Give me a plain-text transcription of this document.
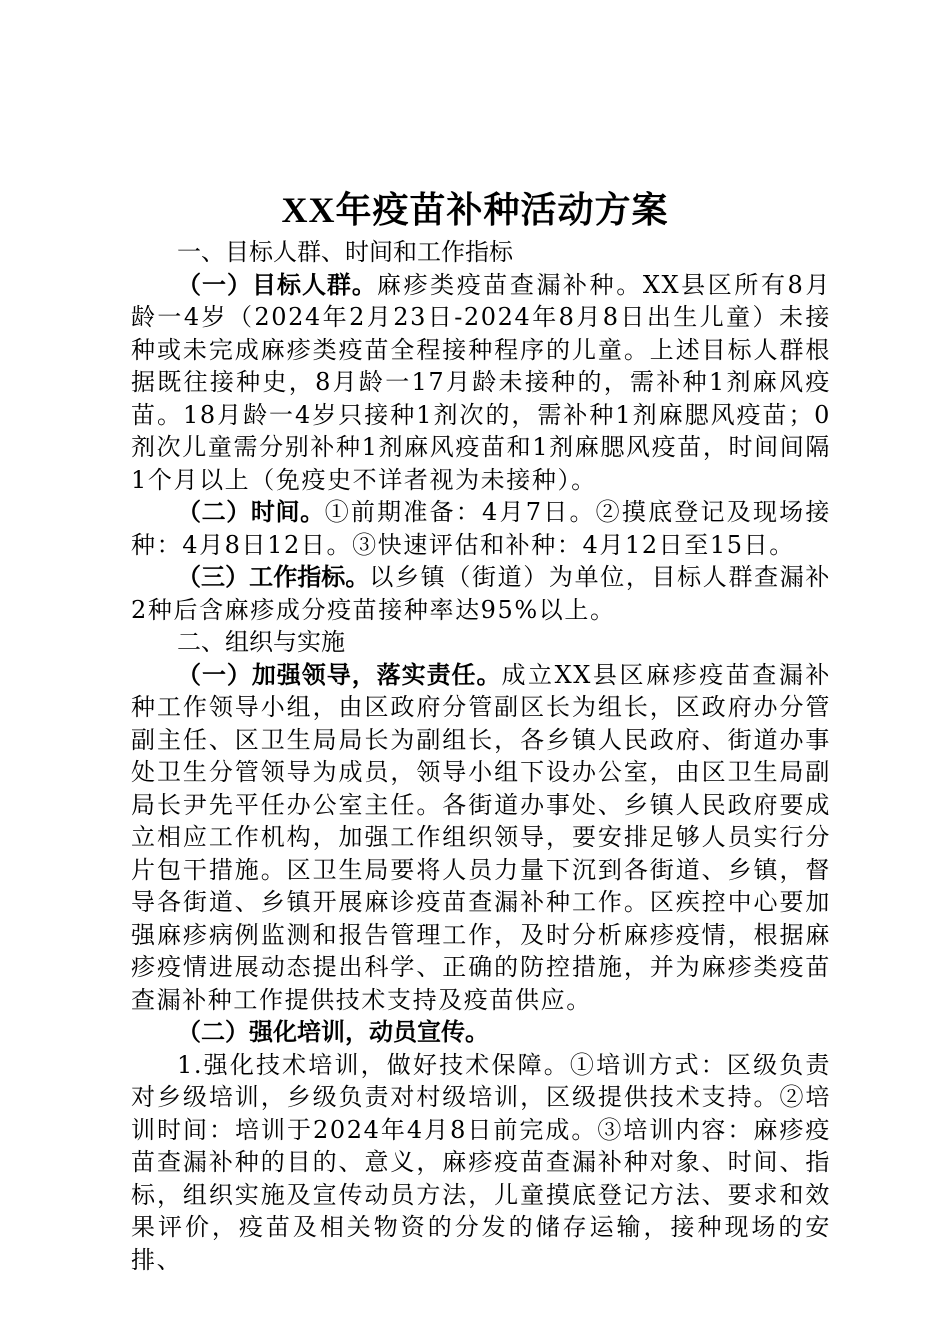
XX年疫苗补种活动方案

一、目标人群、时间和工作指标

（一）目标人群。麻疹类疫苗查漏补种。XX县区所有8月龄一4岁（2024年2月23日-2024年8月8日出生儿童）未接种或未完成麻疹类疫苗全程接种程序的儿童。上述目标人群根据既往接种史，8月龄一17月龄未接种的，需补种1剂麻风疫苗。18月龄一4岁只接种1剂次的，需补种1剂麻腮风疫苗；0剂次儿童需分别补种1剂麻风疫苗和1剂麻腮风疫苗，时间间隔1个月以上（免疫史不详者视为未接种）。

（二）时间。①前期准备：4月7日。②摸底登记及现场接种：4月8日12日。③快速评估和补种：4月12日至15日。

（三）工作指标。以乡镇（街道）为单位，目标人群查漏补2种后含麻疹成分疫苗接种率达95%以上。

二、组织与实施

（一）加强领导，落实责任。成立XX县区麻疹疫苗查漏补种工作领导小组，由区政府分管副区长为组长，区政府办分管副主任、区卫生局局长为副组长，各乡镇人民政府、街道办事处卫生分管领导为成员，领导小组下设办公室，由区卫生局副局长尹先平任办公室主任。各街道办事处、乡镇人民政府要成立相应工作机构，加强工作组织领导，要安排足够人员实行分片包干措施。区卫生局要将人员力量下沉到各街道、乡镇，督导各街道、乡镇开展麻诊疫苗查漏补种工作。区疾控中心要加强麻疹病例监测和报告管理工作，及时分析麻疹疫情，根据麻疹疫情进展动态提出科学、正确的防控措施，并为麻疹类疫苗查漏补种工作提供技术支持及疫苗供应。

（二）强化培训，动员宣传。

1.强化技术培训，做好技术保障。①培训方式：区级负责对乡级培训，乡级负责对村级培训，区级提供技术支持。②培训时间：培训于2024年4月8日前完成。③培训内容：麻疹疫苗查漏补种的目的、意义，麻疹疫苗查漏补种对象、时间、指标，组织实施及宣传动员方法，儿童摸底登记方法、要求和效果评价，疫苗及相关物资的分发的储存运输，接种现场的安排、
